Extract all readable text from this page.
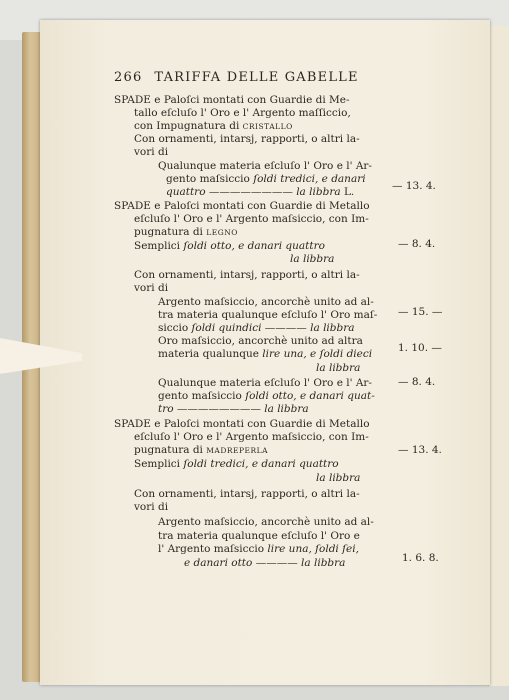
266 TARIFFA DELLE GABELLE
SPADE e Paloſci montati con Guardie di Me-
tallo eſcluſo l' Oro e l' Argento maſſiccio,
con Impugnatura di CRISTALLO
Con ornamenti, intarsj, rapporti, o altri la-
vori di
Qualunque materia eſcluſo l' Oro e l' Ar-
gento maſsiccio ſoldi tredici, e danari
quattro ———————— la libbra L.
SPADE e Paloſci montati con Guardie di Metallo
eſcluſo l' Oro e l' Argento maſsiccio, con Im-
pugnatura di LEGNO
Semplici ſoldi otto, e danari quattro
la libbra
Con ornamenti, intarsj, rapporti, o altri la-
vori di
Argento maſsiccio, ancorchè unito ad al-
tra materia qualunque eſcluſo l' Oro maſ-
siccio ſoldi quindici ———— la libbra
Oro maſsiccio, ancorchè unito ad altra
materia qualunque lire una, e ſoldi dieci
la libbra
Qualunque materia eſcluſo l' Oro e l' Ar-
gento maſsiccio ſoldi otto, e danari quat-
tro ———————— la libbra
SPADE e Paloſci montati con Guardie di Metallo
eſcluſo l' Oro e l' Argento maſsiccio, con Im-
pugnatura di MADREPERLA
Semplici ſoldi tredici, e danari quattro
la libbra
Con ornamenti, intarsj, rapporti, o altri la-
vori di
Argento maſsiccio, ancorchè unito ad al-
tra materia qualunque eſcluſo l' Oro e
l' Argento maſsiccio lire una, ſoldi ſei,
e danari otto ———— la libbra
— 13. 4.
— 8. 4.
— 15. —
1. 10. —
— 8. 4.
— 13. 4.
1. 6. 8.
